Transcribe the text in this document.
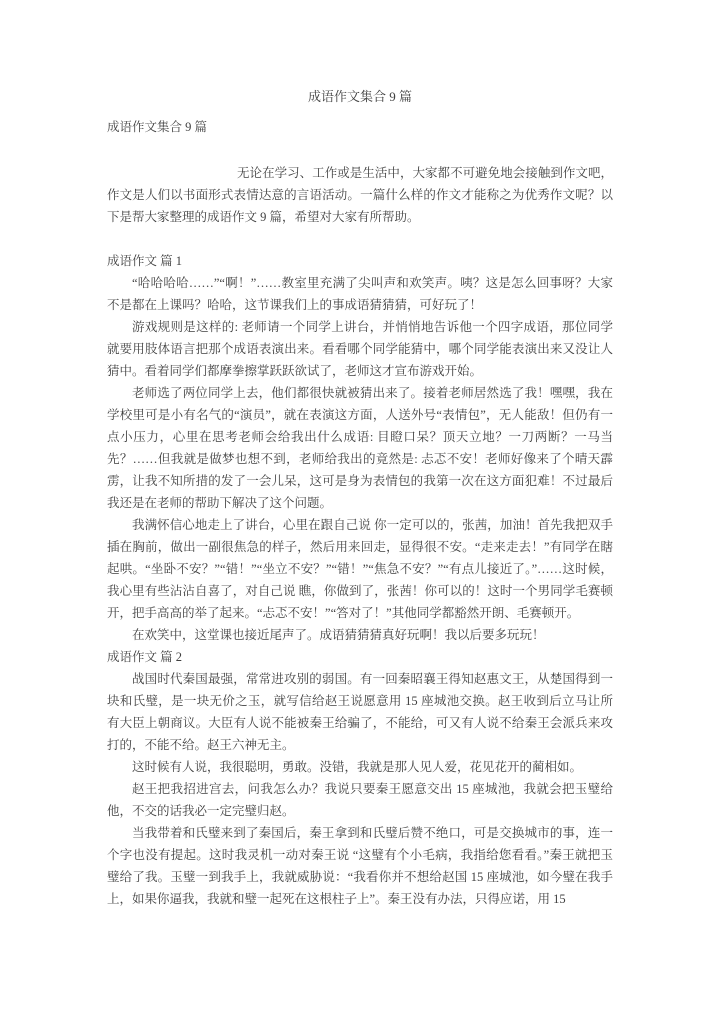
成语作文集合 9 篇
成语作文集合 9 篇

无论在学习、工作或是生活中，大家都不可避免地会接触到作文吧，作文是人们以书面形式表情达意的言语活动。一篇什么样的作文才能称之为优秀作文呢？以下是帮大家整理的成语作文 9 篇，希望对大家有所帮助。

成语作文 篇 1

“哈哈哈哈……”“啊！”……教室里充满了尖叫声和欢笑声。咦？这是怎么回事呀？大家不是都在上课吗？哈哈，这节课我们上的事成语猜猜猜，可好玩了！

游戏规则是这样的: 老师请一个同学上讲台，并悄悄地告诉他一个四字成语，那位同学就要用肢体语言把那个成语表演出来。看看哪个同学能猜中，哪个同学能表演出来又没让人猜中。看着同学们都摩拳擦掌跃跃欲试了，老师这才宣布游戏开始。

老师选了两位同学上去，他们都很快就被猜出来了。接着老师居然选了我！嘿嘿，我在学校里可是小有名气的“演员”，就在表演这方面，人送外号“表情包”，无人能敌！但仍有一点小压力，心里在思考老师会给我出什么成语: 目瞪口呆？顶天立地？一刀两断？一马当先？……但我就是做梦也想不到，老师给我出的竟然是: 忐忑不安！老师好像来了个晴天霹雳，让我不知所措的发了一会儿呆，这可是身为表情包的我第一次在这方面犯难！不过最后我还是在老师的帮助下解决了这个问题。

我满怀信心地走上了讲台，心里在跟自己说 你一定可以的，张茜，加油！首先我把双手插在胸前，做出一副很焦急的样子，然后用来回走，显得很不安。“走来走去！”有同学在瞎起哄。“坐卧不安？”“错！”“坐立不安？”“错！”“焦急不安？”“有点儿接近了。”……这时候，我心里有些沾沾自喜了，对自己说 瞧，你做到了，张茜！你可以的！这时一个男同学毛赛顿开，把手高高的举了起来。“忐忑不安！”“答对了！”其他同学都豁然开朗、毛赛顿开。

在欢笑中，这堂课也接近尾声了。成语猜猜猜真好玩啊！我以后要多玩玩！

成语作文 篇 2

战国时代秦国最强，常常进攻别的弱国。有一回秦昭襄王得知赵惠文王，从楚国得到一块和氏璧，是一块无价之玉，就写信给赵王说愿意用 15 座城池交换。赵王收到后立马让所有大臣上朝商议。大臣有人说不能被秦王给骗了，不能给，可又有人说不给秦王会派兵来攻打的，不能不给。赵王六神无主。

这时候有人说，我很聪明，勇敢。没错，我就是那人见人爱，花见花开的蔺相如。

赵王把我招进宫去，问我怎么办？我说只要秦王愿意交出 15 座城池，我就会把玉璧给他，不交的话我必一定完璧归赵。

当我带着和氏璧来到了秦国后，秦王拿到和氏璧后赞不绝口，可是交换城市的事，连一个字也没有提起。这时我灵机一动对秦王说 “这璧有个小毛病，我指给您看看。”秦王就把玉璧给了我。玉璧一到我手上，我就威胁说：“我看你并不想给赵国 15 座城池，如今璧在我手上，如果你逼我，我就和璧一起死在这根柱子上”。秦王没有办法，只得应诺，用 15
